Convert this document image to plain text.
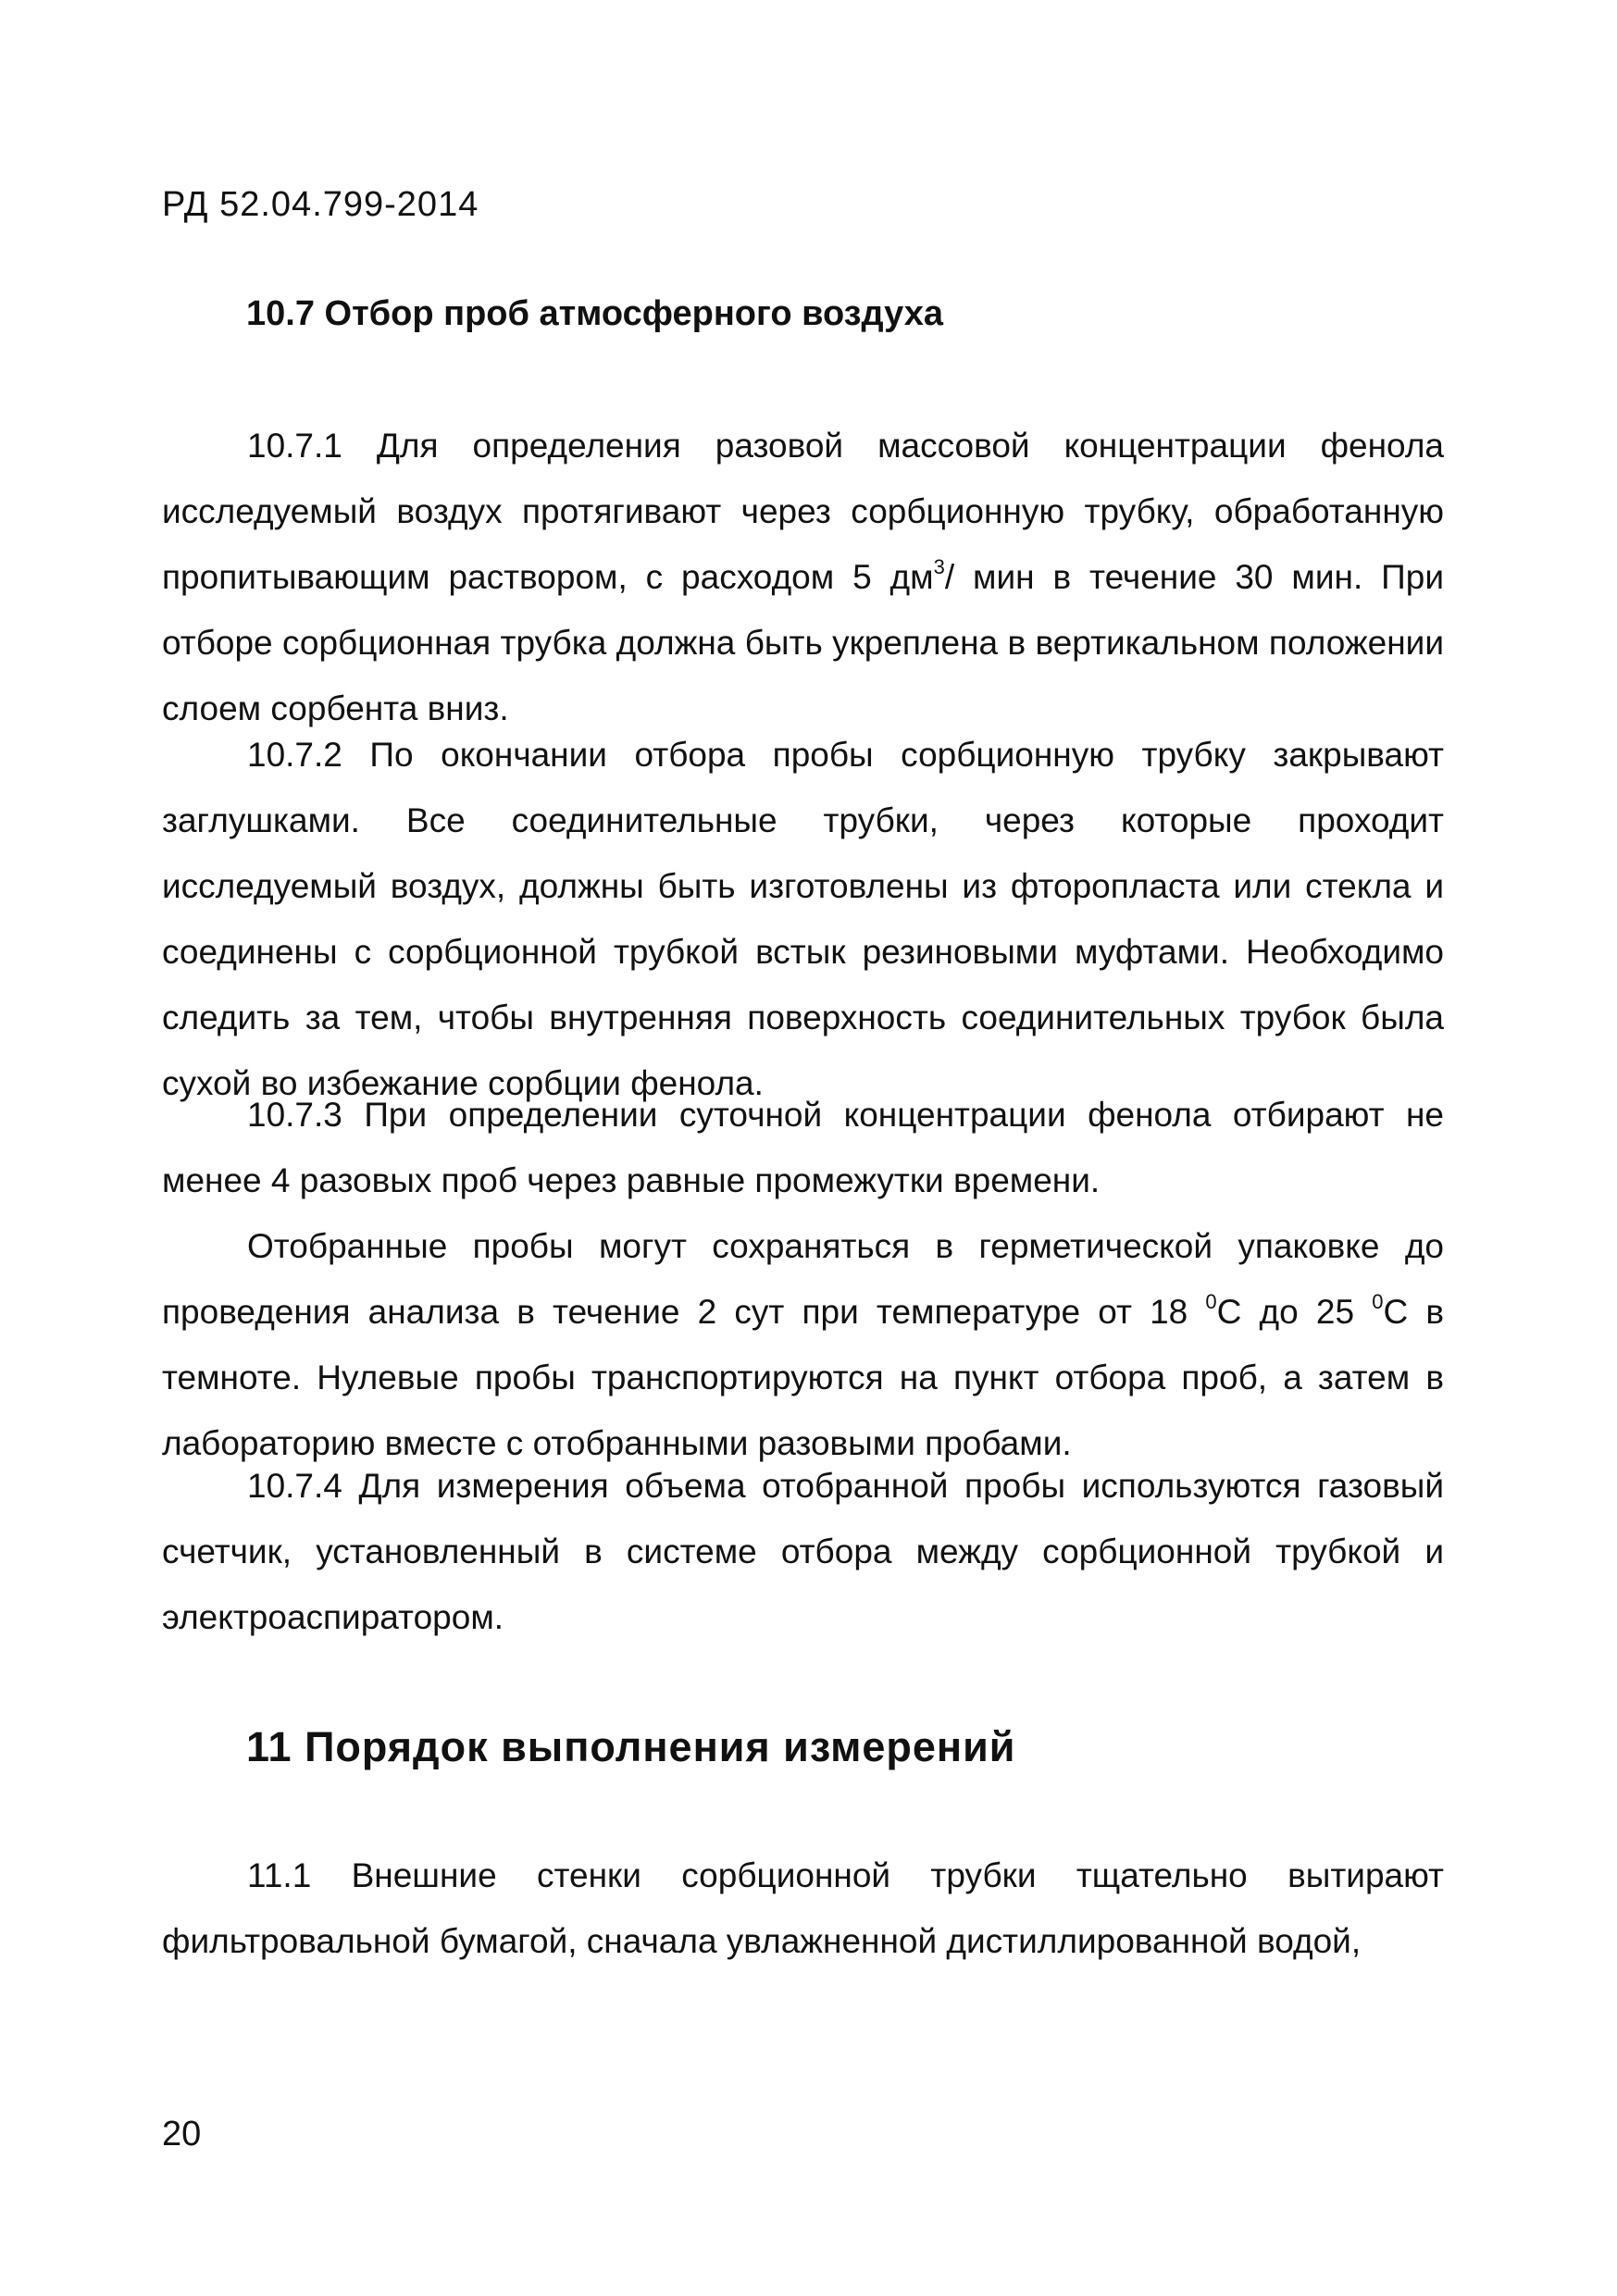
РД 52.04.799-2014
10.7 Отбор проб атмосферного воздуха

10.7.1 Для определения разовой массовой концентрации фенола исследуемый воздух протягивают через сорбционную трубку, обработанную пропитывающим раствором, с расходом 5 $дм^3/$ мин в течение 30 мин. При отборе сорбционная трубка должна быть укреплена в вертикальном положении слоем сорбента вниз.

10.7.2 По окончании отбора пробы сорбционную трубку закрывают заглушками. Все соединительные трубки, через которые проходит исследуемый воздух, должны быть изготовлены из фторопласта или стекла и соединены с сорбционной трубкой встык резиновыми муфтами. Необходимо следить за тем, чтобы внутренняя поверхность соединительных трубок была сухой во избежание сорбции фенола.

10.7.3 При определении суточной концентрации фенола отбирают не менее 4 разовых проб через равные промежутки времени.

Отобранные пробы могут сохраняться в герметической упаковке до проведения анализа в течение 2 сут при температуре от 18 $^0$С до 25 $^0$С в темноте. Нулевые пробы транспортируются на пункт отбора проб, а затем в лабораторию вместе с отобранными разовыми пробами.

10.7.4 Для измерения объема отобранной пробы используются газовый счетчик, установленный в системе отбора между сорбционной трубкой и электроаспиратором.

11 Порядок выполнения измерений

11.1 Внешние стенки сорбционной трубки тщательно вытирают фильтровальной бумагой, сначала увлажненной дистиллированной водой,

20
